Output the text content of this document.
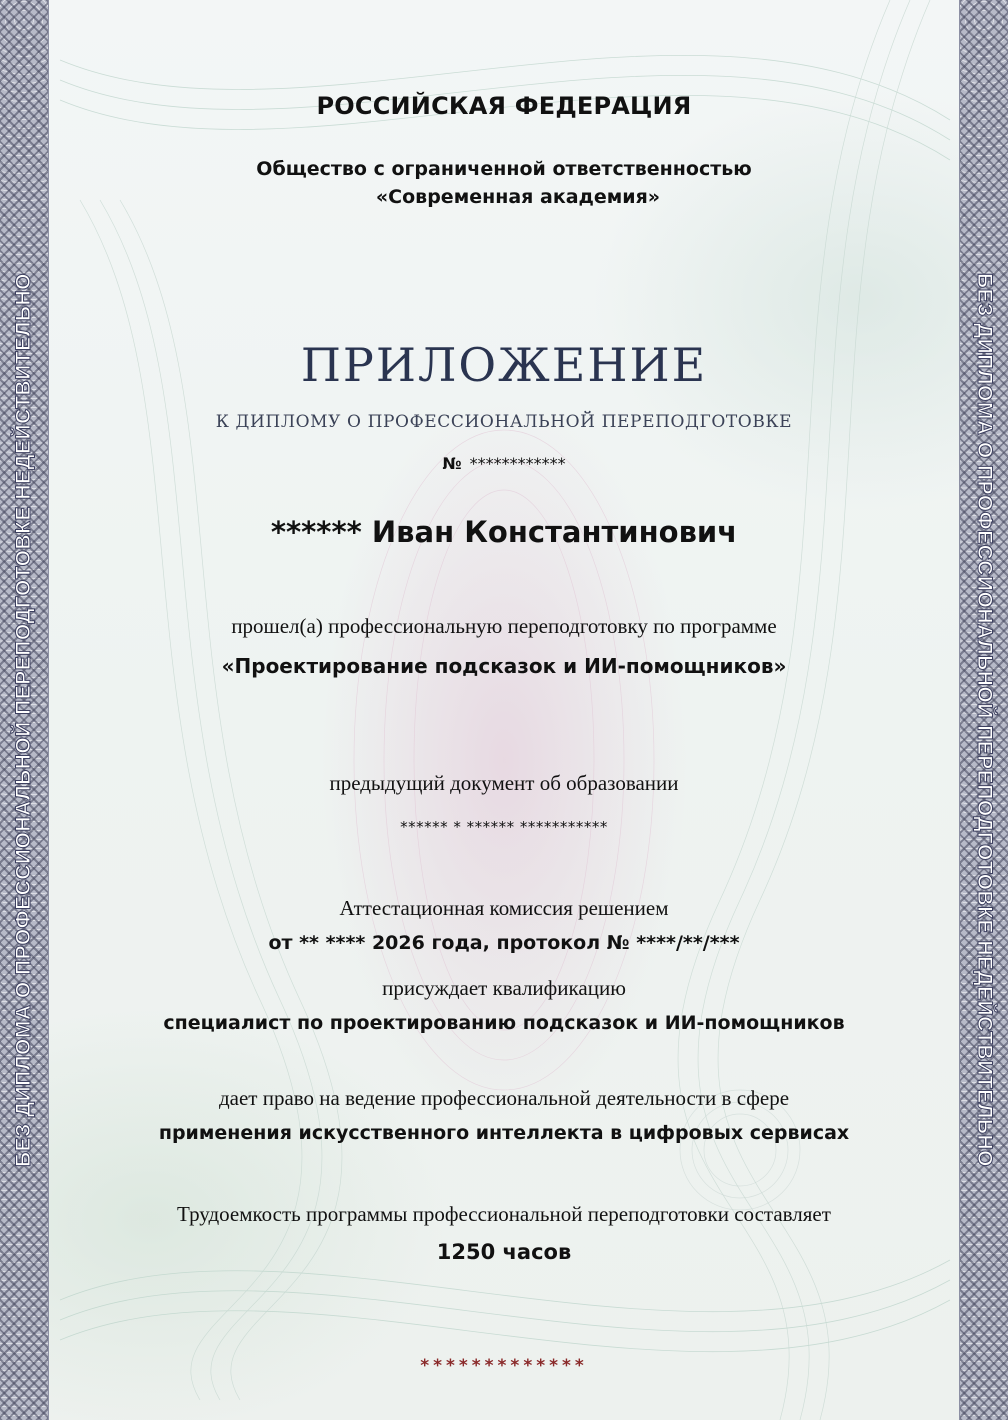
БЕЗ ДИПЛОМА О ПРОФЕССИОНАЛЬНОЙ ПЕРЕПОДГОТОВКЕ НЕДЕЙСТВИТЕЛЬНО	БЕЗ ДИПЛОМА О ПРОФЕССИОНАЛЬНОЙ ПЕРЕПОДГОТОВКЕ НЕДЕЙСТВИТЕЛЬНО
РОССИЙСКАЯ ФЕДЕРАЦИЯ
Общество с ограниченной ответственностью
«Современная академия»
ПРИЛОЖЕНИЕ
К ДИПЛОМУ О ПРОФЕССИОНАЛЬНОЙ ПЕРЕПОДГОТОВКЕ
№ ************
****** Иван Константинович
прошел(а) профессиональную переподготовку по программе
«Проектирование подсказок и ИИ-помощников»
предыдущий документ об образовании
****** * ****** ***********
Аттестационная комиссия решением
от ** **** 2026 года, протокол № ****/**/***
присуждает квалификацию
специалист по проектированию подсказок и ИИ-помощников
дает право на ведение профессиональной деятельности в сфере
применения искусственного интеллекта в цифровых сервисах
Трудоемкость программы профессиональной переподготовки составляет
1250 часов
*************
